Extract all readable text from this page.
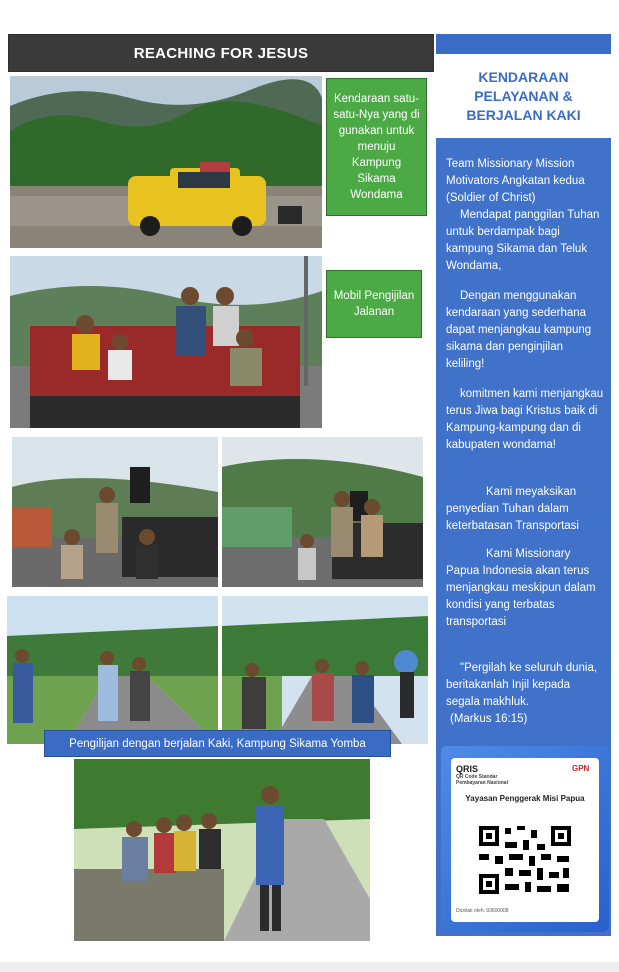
REACHING FOR JESUS
Kendaraan satu-satu-Nya yang di gunakan untuk menuju Kampung Sikama Wondama
Mobil Pengijilan Jalanan
Pengilijan dengan berjalan Kaki, Kampung Sikama Yomba
KENDARAAN PELAYANAN & BERJALAN KAKI
Team Missionary Mission Motivators Angkatan kedua (Soldier of Christ)
Mendapat panggilan Tuhan untuk berdampak bagi kampung Sikama dan Teluk Wondama,
Dengan menggunakan kendaraan yang sederhana dapat menjangkau kampung sikama dan penginjilan keliling!
komitmen kami menjangkau terus Jiwa bagi Kristus baik di Kampung-kampung dan di kabupaten wondama!
Kami meyaksikan penyedian Tuhan dalam keterbatasan Transportasi
Kami Missionary Papua Indonesia akan terus menjangkau meskipun dalam kondisi yang terbatas transportasi
"Pergilah ke seluruh dunia, beritakanlah Injil kepada segala makhluk.
(Markus 16:15)
QRIS
QR Code Standar Pembayaran Nasional
GPN
Yayasan Penggerak Misi Papua
Dicetak oleh: 93600008
